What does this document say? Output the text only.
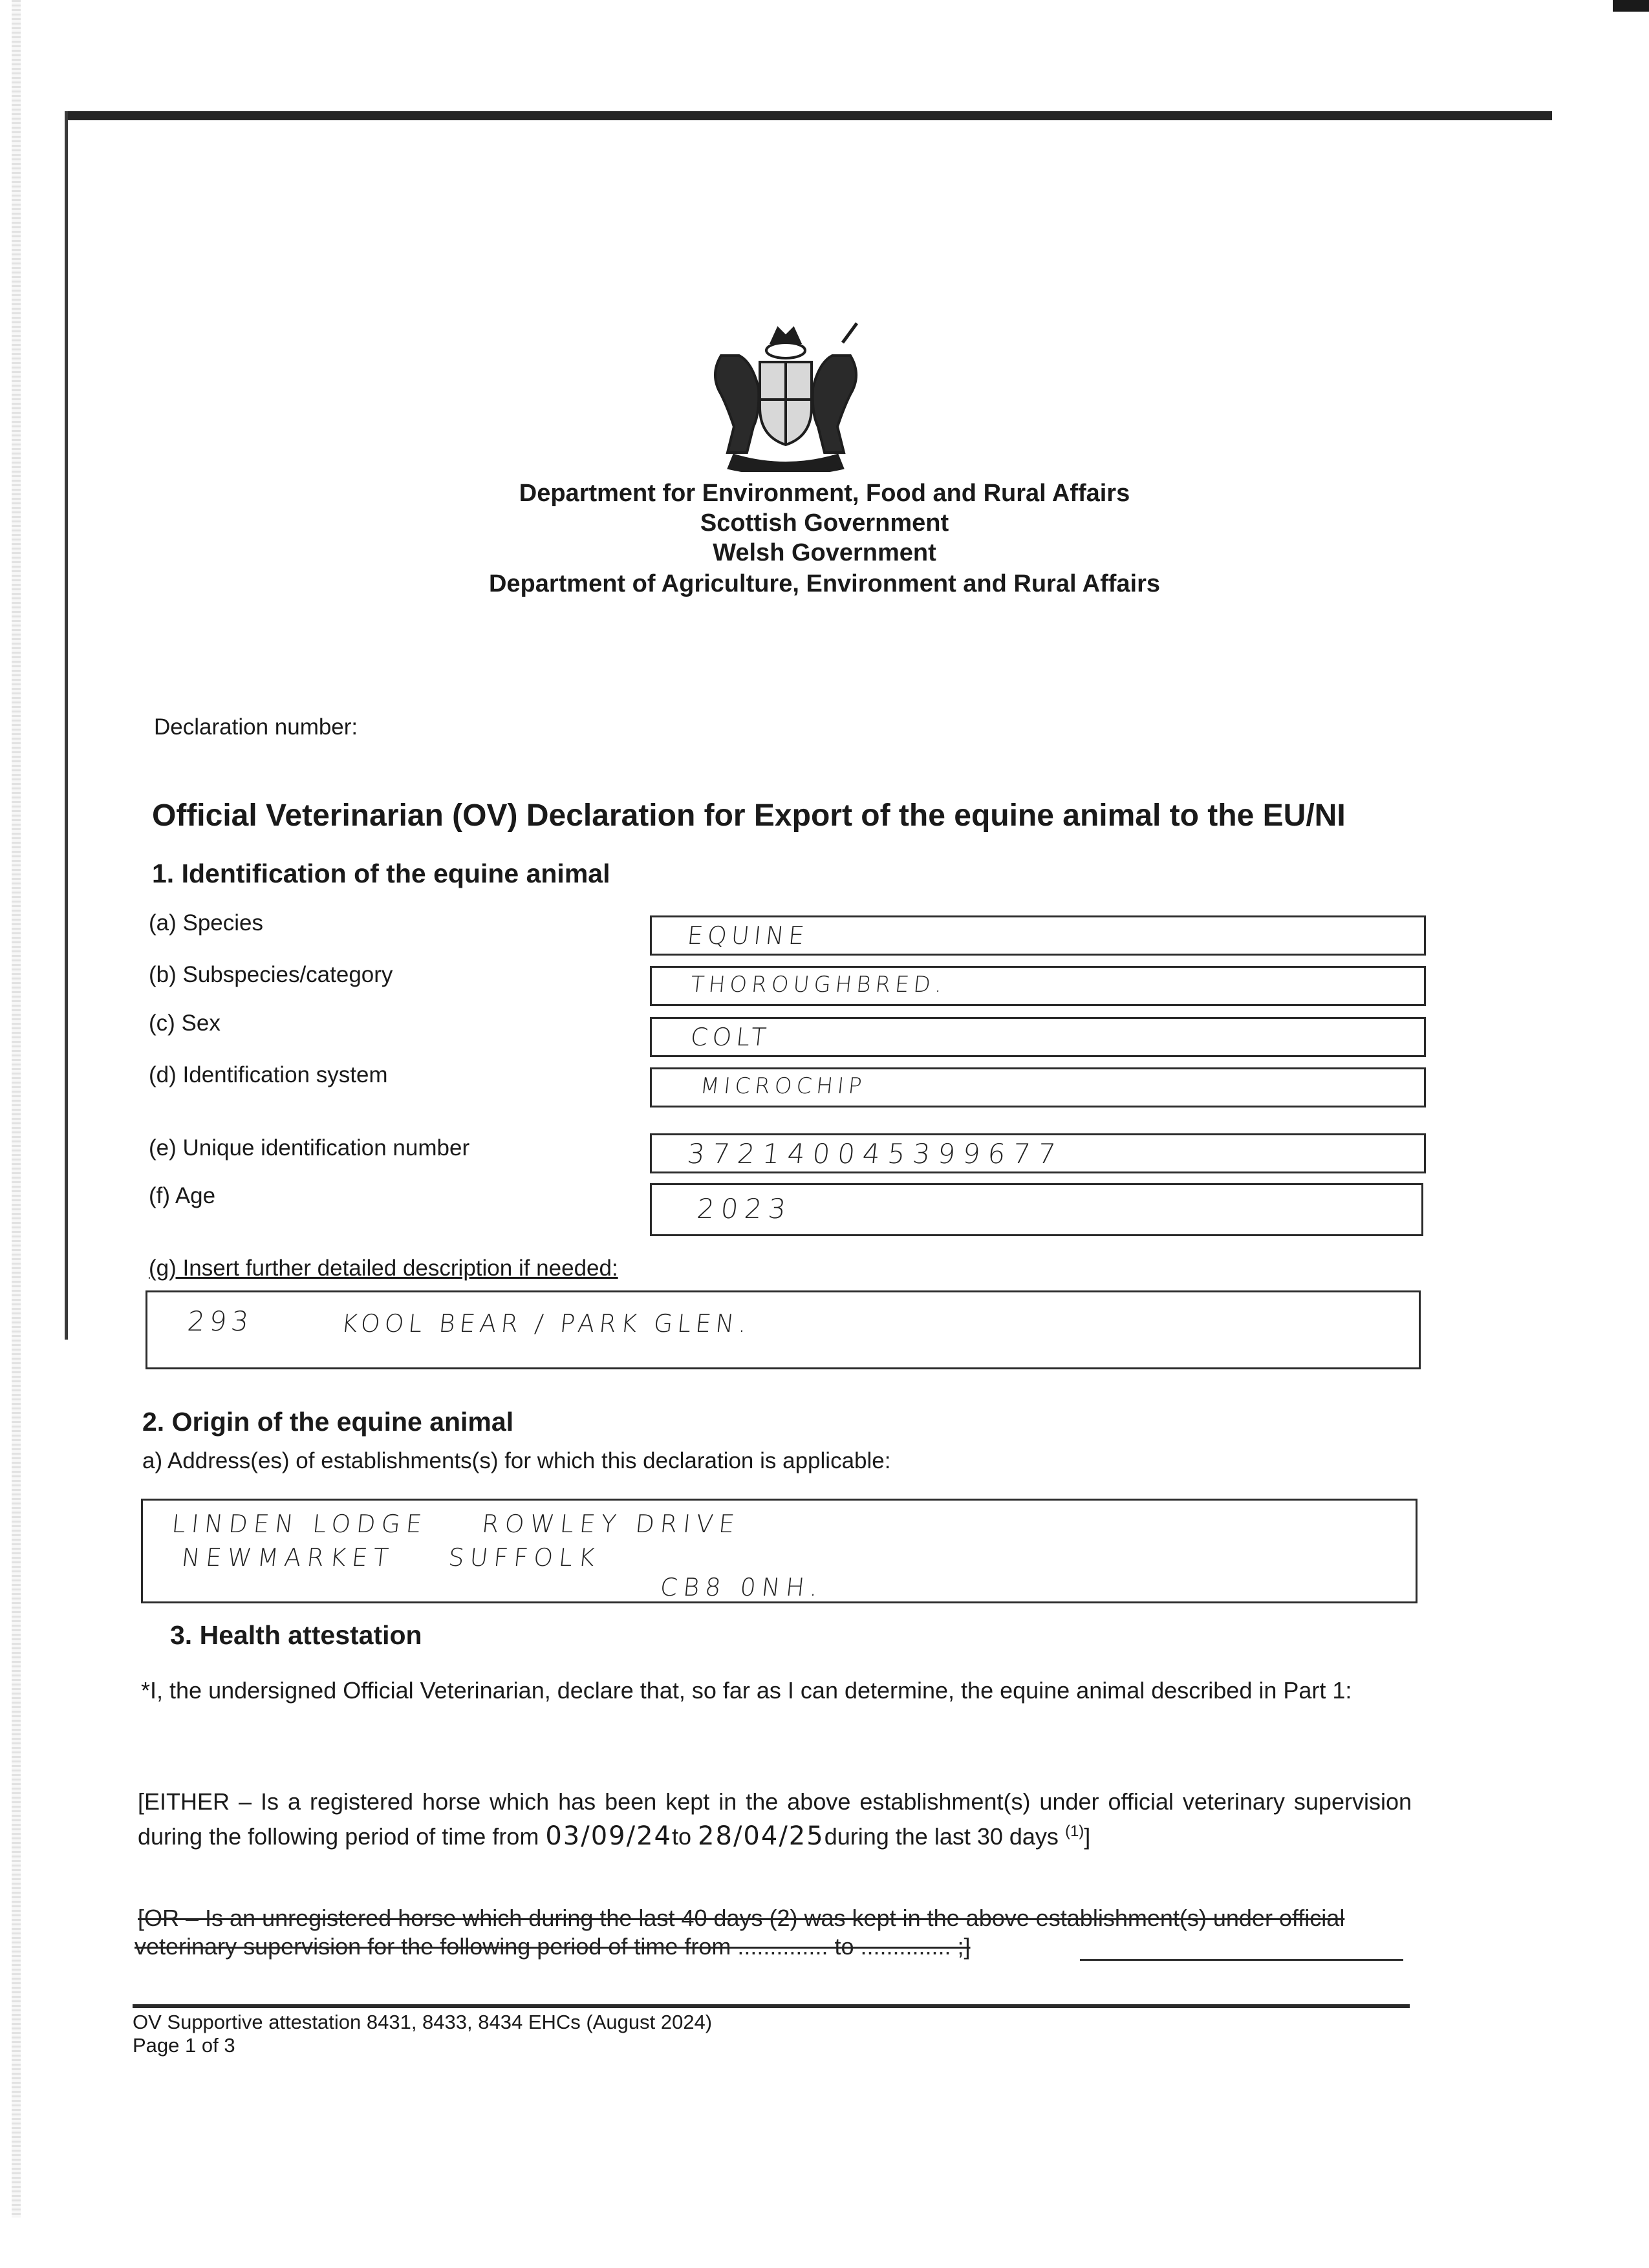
Department for Environment, Food and Rural Affairs
Scottish Government
Welsh Government
Department of Agriculture, Environment and Rural Affairs
Declaration number:
Official Veterinarian (OV) Declaration for Export of the equine animal to the EU/NI
1. Identification of the equine animal
(a) Species	EQUINE
(b) Subspecies/category	THOROUGHBRED.
(c) Sex	COLT
(d) Identification system	MICROCHIP
(e) Unique identification number	372140045399677
(f) Age	2023
(g) Insert further detailed description if needed:
293	KOOL BEAR / PARK GLEN.
2. Origin of the equine animal
a) Address(es) of establishments(s) for which this declaration is applicable:
LINDEN LODGE    ROWLEY DRIVE
NEWMARKET    SUFFOLK
CB8 0NH.
3. Health attestation
*I, the undersigned Official Veterinarian, declare that, so far as I can determine, the equine animal described in Part 1:
[EITHER – Is a registered horse which has been kept in the above establishment(s) under official veterinary supervision during the following period of time from 03/09/24to 28/04/25during the last 30 days $^{(1)}$]
[OR – Is an unregistered horse which during the last 40 days (2) was kept in the above establishment(s) under official
veterinary supervision for the following period of time from .............. to .............. ;]
OV Supportive attestation 8431, 8433, 8434 EHCs (August 2024)
Page 1 of 3
